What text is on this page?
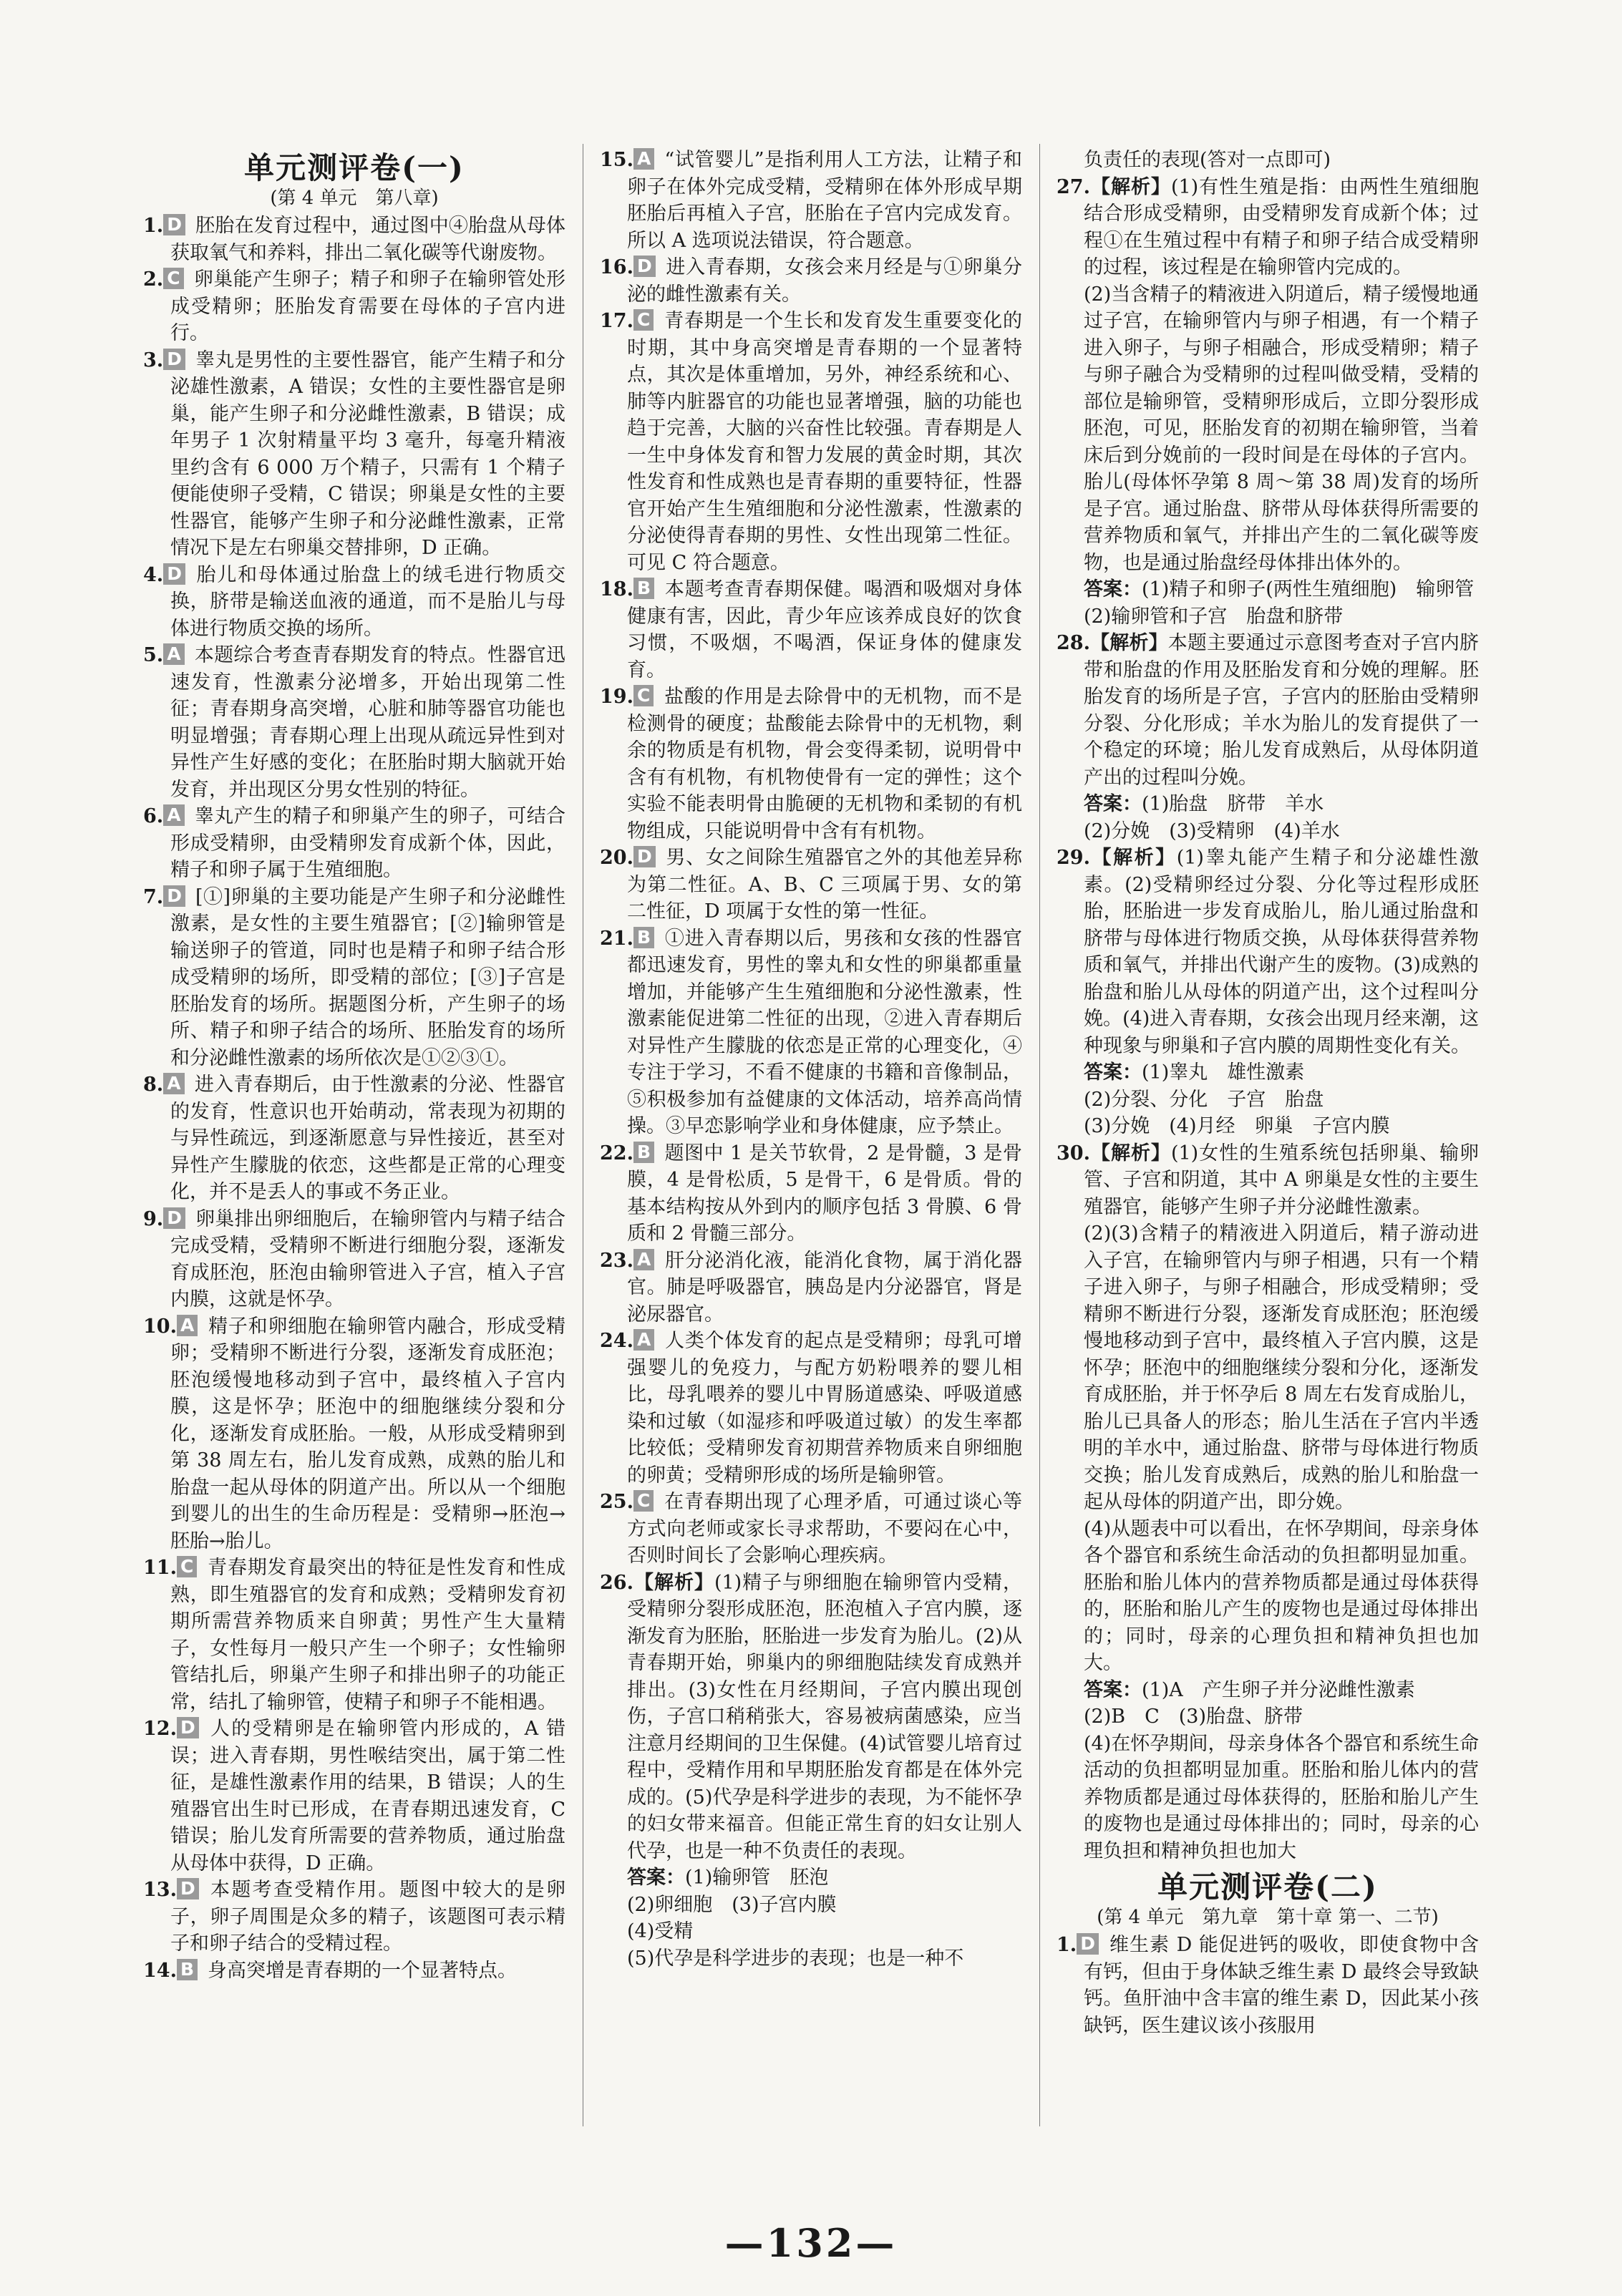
单元测评卷(一)
(第 4 单元　第八章)

1. D 胚胎在发育过程中，通过图中④胎盘从母体获取氧气和养料，排出二氧化碳等代谢废物。

2. C 卵巢能产生卵子；精子和卵子在输卵管处形成受精卵；胚胎发育需要在母体的子宫内进行。

3. D 睾丸是男性的主要性器官，能产生精子和分泌雄性激素，A 错误；女性的主要性器官是卵巢，能产生卵子和分泌雌性激素，B 错误；成年男子 1 次射精量平均 3 毫升，每毫升精液里约含有 6 000 万个精子，只需有 1 个精子便能使卵子受精，C 错误；卵巢是女性的主要性器官，能够产生卵子和分泌雌性激素，正常情况下是左右卵巢交替排卵，D 正确。

4. D 胎儿和母体通过胎盘上的绒毛进行物质交换，脐带是输送血液的通道，而不是胎儿与母体进行物质交换的场所。

5. A 本题综合考查青春期发育的特点。性器官迅速发育，性激素分泌增多，开始出现第二性征；青春期身高突增，心脏和肺等器官功能也明显增强；青春期心理上出现从疏远异性到对异性产生好感的变化；在胚胎时期大脑就开始发育，并出现区分男女性别的特征。

6. A 睾丸产生的精子和卵巢产生的卵子，可结合形成受精卵，由受精卵发育成新个体，因此，精子和卵子属于生殖细胞。

7. D [①]卵巢的主要功能是产生卵子和分泌雌性激素，是女性的主要生殖器官；[②]输卵管是输送卵子的管道，同时也是精子和卵子结合形成受精卵的场所，即受精的部位；[③]子宫是胚胎发育的场所。据题图分析，产生卵子的场所、精子和卵子结合的场所、胚胎发育的场所和分泌雌性激素的场所依次是①②③①。

8. A 进入青春期后，由于性激素的分泌、性器官的发育，性意识也开始萌动，常表现为初期的与异性疏远，到逐渐愿意与异性接近，甚至对异性产生朦胧的依恋，这些都是正常的心理变化，并不是丢人的事或不务正业。

9. D 卵巢排出卵细胞后，在输卵管内与精子结合完成受精，受精卵不断进行细胞分裂，逐渐发育成胚泡，胚泡由输卵管进入子宫，植入子宫内膜，这就是怀孕。

10. A 精子和卵细胞在输卵管内融合，形成受精卵；受精卵不断进行分裂，逐渐发育成胚泡；胚泡缓慢地移动到子宫中，最终植入子宫内膜，这是怀孕；胚泡中的细胞继续分裂和分化，逐渐发育成胚胎。一般，从形成受精卵到第 38 周左右，胎儿发育成熟，成熟的胎儿和胎盘一起从母体的阴道产出。所以从一个细胞到婴儿的出生的生命历程是：受精卵→胚泡→胚胎→胎儿。

11. C 青春期发育最突出的特征是性发育和性成熟，即生殖器官的发育和成熟；受精卵发育初期所需营养物质来自卵黄；男性产生大量精子，女性每月一般只产生一个卵子；女性输卵管结扎后，卵巢产生卵子和排出卵子的功能正常，结扎了输卵管，使精子和卵子不能相遇。

12. D 人的受精卵是在输卵管内形成的，A 错误；进入青春期，男性喉结突出，属于第二性征，是雄性激素作用的结果，B 错误；人的生殖器官出生时已形成，在青春期迅速发育，C 错误；胎儿发育所需要的营养物质，通过胎盘从母体中获得，D 正确。

13. D 本题考查受精作用。题图中较大的是卵子，卵子周围是众多的精子，该题图可表示精子和卵子结合的受精过程。

14. B 身高突增是青春期的一个显著特点。

15. A “试管婴儿”是指利用人工方法，让精子和卵子在体外完成受精，受精卵在体外形成早期胚胎后再植入子宫，胚胎在子宫内完成发育。所以 A 选项说法错误，符合题意。

16. D 进入青春期，女孩会来月经是与①卵巢分泌的雌性激素有关。

17. C 青春期是一个生长和发育发生重要变化的时期，其中身高突增是青春期的一个显著特点，其次是体重增加，另外，神经系统和心、肺等内脏器官的功能也显著增强，脑的功能也趋于完善，大脑的兴奋性比较强。青春期是人一生中身体发育和智力发展的黄金时期，其次性发育和性成熟也是青春期的重要特征，性器官开始产生生殖细胞和分泌性激素，性激素的分泌使得青春期的男性、女性出现第二性征。可见 C 符合题意。

18. B 本题考查青春期保健。喝酒和吸烟对身体健康有害，因此，青少年应该养成良好的饮食习惯，不吸烟，不喝酒，保证身体的健康发育。

19. C 盐酸的作用是去除骨中的无机物，而不是检测骨的硬度；盐酸能去除骨中的无机物，剩余的物质是有机物，骨会变得柔韧，说明骨中含有有机物，有机物使骨有一定的弹性；这个实验不能表明骨由脆硬的无机物和柔韧的有机物组成，只能说明骨中含有有机物。

20. D 男、女之间除生殖器官之外的其他差异称为第二性征。A、B、C 三项属于男、女的第二性征，D 项属于女性的第一性征。

21. B ①进入青春期以后，男孩和女孩的性器官都迅速发育，男性的睾丸和女性的卵巢都重量增加，并能够产生生殖细胞和分泌性激素，性激素能促进第二性征的出现，②进入青春期后对异性产生朦胧的依恋是正常的心理变化，④专注于学习，不看不健康的书籍和音像制品，⑤积极参加有益健康的文体活动，培养高尚情操。③早恋影响学业和身体健康，应予禁止。

22. B 题图中 1 是关节软骨，2 是骨髓，3 是骨膜，4 是骨松质，5 是骨干，6 是骨质。骨的基本结构按从外到内的顺序包括 3 骨膜、6 骨质和 2 骨髓三部分。

23. A 肝分泌消化液，能消化食物，属于消化器官。肺是呼吸器官，胰岛是内分泌器官，肾是泌尿器官。

24. A 人类个体发育的起点是受精卵；母乳可增强婴儿的免疫力，与配方奶粉喂养的婴儿相比，母乳喂养的婴儿中胃肠道感染、呼吸道感染和过敏（如湿疹和呼吸道过敏）的发生率都比较低；受精卵发育初期营养物质来自卵细胞的卵黄；受精卵形成的场所是输卵管。

25. C 在青春期出现了心理矛盾，可通过谈心等方式向老师或家长寻求帮助，不要闷在心中，否则时间长了会影响心理疾病。

26.【解析】(1)精子与卵细胞在输卵管内受精，受精卵分裂形成胚泡，胚泡植入子宫内膜，逐渐发育为胚胎，胚胎进一步发育为胎儿。(2)从青春期开始，卵巢内的卵细胞陆续发育成熟并排出。(3)女性在月经期间，子宫内膜出现创伤，子宫口稍稍张大，容易被病菌感染，应当注意月经期间的卫生保健。(4)试管婴儿培育过程中，受精作用和早期胚胎发育都是在体外完成的。(5)代孕是科学进步的表现，为不能怀孕的妇女带来福音。但能正常生育的妇女让别人代孕，也是一种不负责任的表现。

答案：(1)输卵管　胚泡

(2)卵细胞　(3)子宫内膜

(4)受精

(5)代孕是科学进步的表现；也是一种不

负责任的表现(答对一点即可)

27.【解析】(1)有性生殖是指：由两性生殖细胞结合形成受精卵，由受精卵发育成新个体；过程①在生殖过程中有精子和卵子结合成受精卵的过程，该过程是在输卵管内完成的。

(2)当含精子的精液进入阴道后，精子缓慢地通过子宫，在输卵管内与卵子相遇，有一个精子进入卵子，与卵子相融合，形成受精卵；精子与卵子融合为受精卵的过程叫做受精，受精的部位是输卵管，受精卵形成后，立即分裂形成胚泡，可见，胚胎发育的初期在输卵管，当着床后到分娩前的一段时间是在母体的子宫内。胎儿(母体怀孕第 8 周～第 38 周)发育的场所是子宫。通过胎盘、脐带从母体获得所需要的营养物质和氧气，并排出产生的二氧化碳等废物，也是通过胎盘经母体排出体外的。

答案：(1)精子和卵子(两性生殖细胞)　输卵管

(2)输卵管和子宫　胎盘和脐带

28.【解析】本题主要通过示意图考查对子宫内脐带和胎盘的作用及胚胎发育和分娩的理解。胚胎发育的场所是子宫，子宫内的胚胎由受精卵分裂、分化形成；羊水为胎儿的发育提供了一个稳定的环境；胎儿发育成熟后，从母体阴道产出的过程叫分娩。

答案：(1)胎盘　脐带　羊水

(2)分娩　(3)受精卵　(4)羊水

29.【解析】(1)睾丸能产生精子和分泌雄性激素。(2)受精卵经过分裂、分化等过程形成胚胎，胚胎进一步发育成胎儿，胎儿通过胎盘和脐带与母体进行物质交换，从母体获得营养物质和氧气，并排出代谢产生的废物。(3)成熟的胎盘和胎儿从母体的阴道产出，这个过程叫分娩。(4)进入青春期，女孩会出现月经来潮，这种现象与卵巢和子宫内膜的周期性变化有关。

答案：(1)睾丸　雄性激素

(2)分裂、分化　子宫　胎盘

(3)分娩　(4)月经　卵巢　子宫内膜

30.【解析】(1)女性的生殖系统包括卵巢、输卵管、子宫和阴道，其中 A 卵巢是女性的主要生殖器官，能够产生卵子并分泌雌性激素。

(2)(3)含精子的精液进入阴道后，精子游动进入子宫，在输卵管内与卵子相遇，只有一个精子进入卵子，与卵子相融合，形成受精卵；受精卵不断进行分裂，逐渐发育成胚泡；胚泡缓慢地移动到子宫中，最终植入子宫内膜，这是怀孕；胚泡中的细胞继续分裂和分化，逐渐发育成胚胎，并于怀孕后 8 周左右发育成胎儿，胎儿已具备人的形态；胎儿生活在子宫内半透明的羊水中，通过胎盘、脐带与母体进行物质交换；胎儿发育成熟后，成熟的胎儿和胎盘一起从母体的阴道产出，即分娩。

(4)从题表中可以看出，在怀孕期间，母亲身体各个器官和系统生命活动的负担都明显加重。胚胎和胎儿体内的营养物质都是通过母体获得的，胚胎和胎儿产生的废物也是通过母体排出的；同时，母亲的心理负担和精神负担也加大。

答案：(1)A　产生卵子并分泌雌性激素

(2)B　C　(3)胎盘、脐带

(4)在怀孕期间，母亲身体各个器官和系统生命活动的负担都明显加重。胚胎和胎儿体内的营养物质都是通过母体获得的，胚胎和胎儿产生的废物也是通过母体排出的；同时，母亲的心理负担和精神负担也加大

单元测评卷(二)
(第 4 单元　第九章　第十章 第一、二节)

1. D 维生素 D 能促进钙的吸收，即使食物中含有钙，但由于身体缺乏维生素 D 最终会导致缺钙。鱼肝油中含丰富的维生素 D，因此某小孩缺钙，医生建议该小孩服用

—132—
